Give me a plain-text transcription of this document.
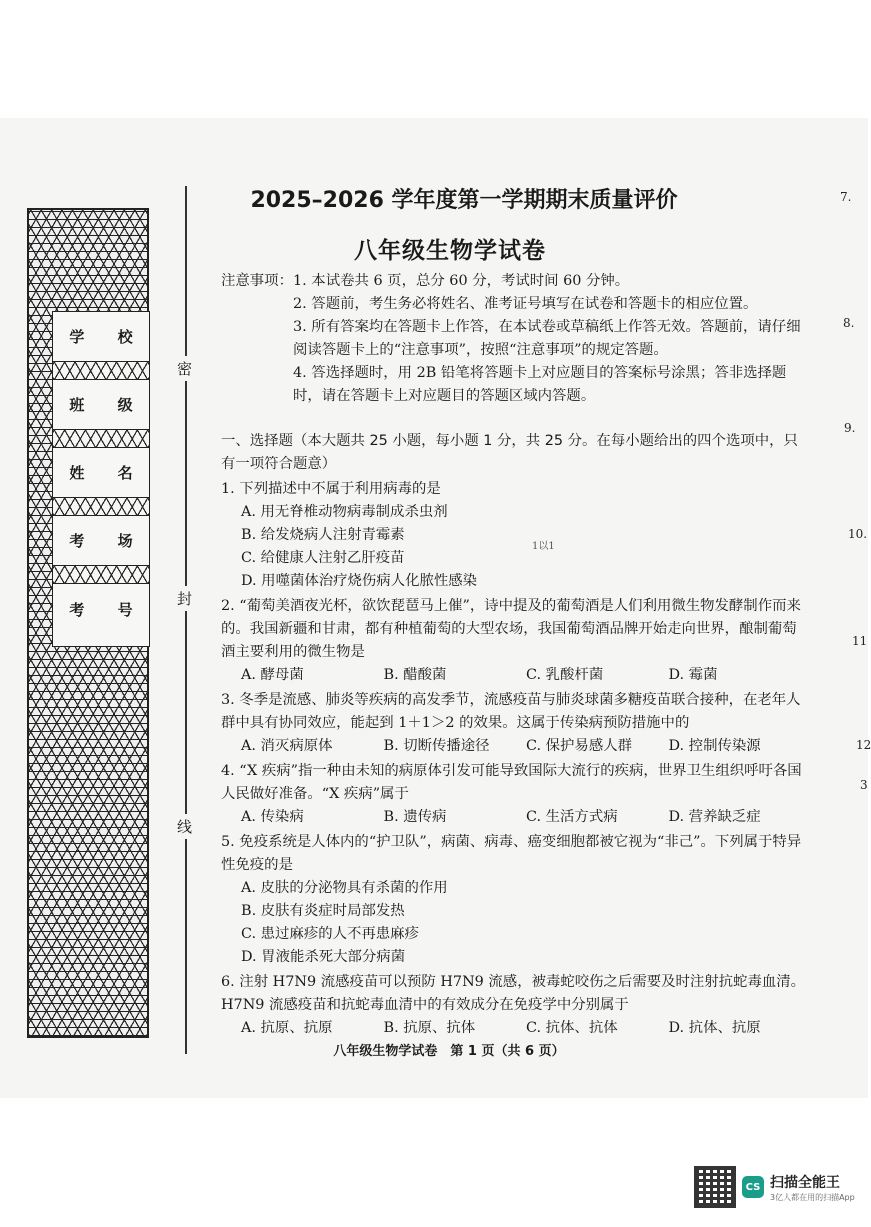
学 校
班 级
姓 名
考 场
考 号
密
封
线
2025–2026 学年度第一学期期末质量评价
八年级生物学试卷
注意事项： 1. 本试卷共 6 页，总分 60 分，考试时间 60 分钟。
2. 答题前，考生务必将姓名、准考证号填写在试卷和答题卡的相应位置。
3. 所有答案均在答题卡上作答，在本试卷或草稿纸上作答无效。答题前，请仔细阅读答题卡上的“注意事项”，按照“注意事项”的规定答题。
4. 答选择题时，用 2B 铅笔将答题卡上对应题目的答案标号涂黑；答非选择题时，请在答题卡上对应题目的答题区域内答题。
一、选择题（本大题共 25 小题，每小题 1 分，共 25 分。在每小题给出的四个选项中，只有一项符合题意）
1. 下列描述中不属于利用病毒的是
A. 用无脊椎动物病毒制成杀虫剂
B. 给发烧病人注射青霉素
C. 给健康人注射乙肝疫苗
D. 用噬菌体治疗烧伤病人化脓性感染
2. “葡萄美酒夜光杯，欲饮琵琶马上催”，诗中提及的葡萄酒是人们利用微生物发酵制作而来的。我国新疆和甘肃，都有种植葡萄的大型农场，我国葡萄酒品牌开始走向世界，酿制葡萄酒主要利用的微生物是
A. 酵母菌	B. 醋酸菌	C. 乳酸杆菌	D. 霉菌
3. 冬季是流感、肺炎等疾病的高发季节，流感疫苗与肺炎球菌多糖疫苗联合接种，在老年人群中具有协同效应，能起到 1＋1＞2 的效果。这属于传染病预防措施中的
A. 消灭病原体	B. 切断传播途径	C. 保护易感人群	D. 控制传染源
4. “X 疾病”指一种由未知的病原体引发可能导致国际大流行的疾病，世界卫生组织呼吁各国人民做好准备。“X 疾病”属于
A. 传染病	B. 遗传病	C. 生活方式病	D. 营养缺乏症
5. 免疫系统是人体内的“护卫队”，病菌、病毒、癌变细胞都被它视为“非己”。下列属于特异性免疫的是
A. 皮肤的分泌物具有杀菌的作用
B. 皮肤有炎症时局部发热
C. 患过麻疹的人不再患麻疹
D. 胃液能杀死大部分病菌
6. 注射 H7N9 流感疫苗可以预防 H7N9 流感，被毒蛇咬伤之后需要及时注射抗蛇毒血清。H7N9 流感疫苗和抗蛇毒血清中的有效成分在免疫学中分别属于
A. 抗原、抗原	B. 抗原、抗体	C. 抗体、抗体	D. 抗体、抗原
八年级生物学试卷　第 1 页（共 6 页）
7.
8.
9.
10.
11
12
3
1以1
CS 扫描全能王
3亿人都在用的扫描App
